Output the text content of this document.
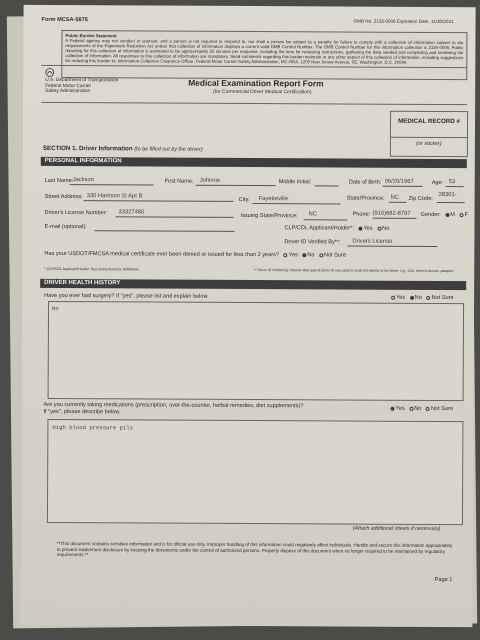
Form MCSA-5875	OMB No. 2126-0006 Expiration Date: 11/30/2021
Public Burden Statement
A Federal agency may not conduct or sponsor, and a person is not required to respond to, nor shall a person be subject to a penalty for failure to comply with a collection of information subject to the requirements of the Paperwork Reduction Act unless that collection of information displays a current valid OMB Control Number. The OMB Control Number for this information collection is 2126-0006. Public reporting for this collection of information is estimated to be approximately 25 minutes per response, including the time for reviewing instructions, gathering the data needed and completing and reviewing the collection of information. All responses to this collection of information are mandatory. Send comments regarding this burden estimate or any other aspect of this collection of information, including suggestions for reducing this burden to: Information Collection Clearance Officer, Federal Motor Carrier Safety Administration, MC-RRA, 1200 New Jersey Avenue, SE, Washington, D.C. 20590.
U.S. Department of Transportation
Federal Motor Carrier
Safety Administration
Medical Examination Report Form
(for Commercial Driver Medical Certification)
MEDICAL RECORD #
(or sticker)
SECTION 1. Driver Information (to be filled out by the driver)
PERSONAL INFORMATION
Last Name: Jackson	First Name: Johnnie	Middle Initial:	Date of Birth: 06/20/1967	Age: 53
Street Address: 330 Harrison St Apt B
City: Fayetteville	State/Province: NC Zip Code:
28301-
Driver's License Number: 33327480
Issuing State/Province: NC	Phone: (910)682-8797 Gender: M F
E-mail (optional):	CLP/CDL Applicant/Holder*: Yes No
Driver ID Verified By**: Drivers License
Has your USDOT/FMCSA medical certificate ever been denied or issued for less than 2 years? Yes No Not Sure
* CLP/CDL Applicant/Holder: See instructions for definitions.	** Driver ID Verified By: Record what type of photo ID was used to verify the identity of the driver, e.g., CDL, driver's license, passport.
DRIVER HEALTH HISTORY
Have you ever had surgery? If "yes", please list and explain below.	Yes No Not Sure
No
Are you currently taking medications (prescription, over-the-counter, herbal remedies, diet supplements)?
If "yes", please describe below.
Yes No Not Sure
High blood pressure pils
(Attach additional sheets if necessary)
**This document contains sensitive information and is for official use only. Improper handling of this information could negatively affect individuals. Handle and secure this information appropriately to prevent inadvertent disclosure by keeping the documents under the control of authorized persons. Properly dispose of this document when no longer required to be maintained by regulatory requirements.**
Page 1
